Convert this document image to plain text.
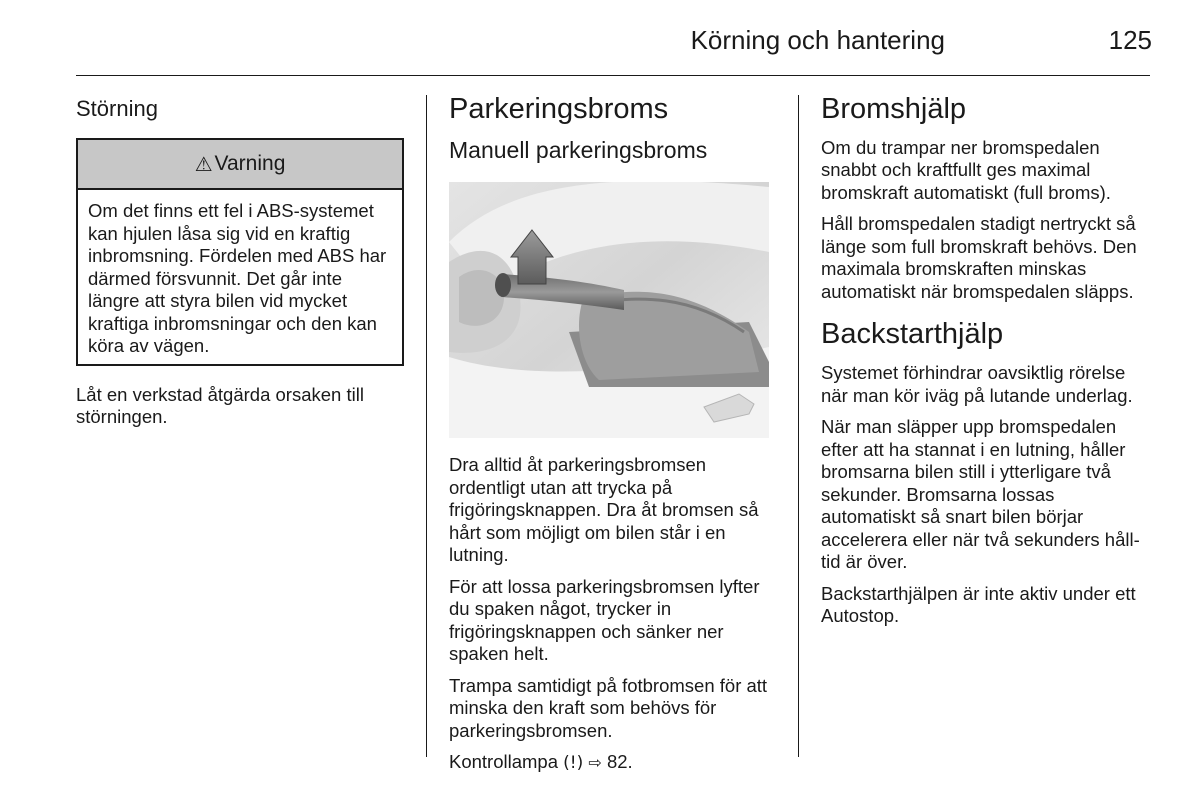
Körning och hantering	125
Störning
⚠ Varning

Om det finns ett fel i ABS-systemet kan hjulen låsa sig vid en kraftig inbromsning. Fördelen med ABS har därmed försvunnit. Det går inte längre att styra bilen vid mycket kraftiga inbromsningar och den kan köra av vägen.

Låt en verkstad åtgärda orsaken till störningen.

Parkeringsbroms
Manuell parkeringsbroms

Dra alltid åt parkeringsbromsen ordentligt utan att trycka på frigöringsknappen. Dra åt bromsen så hårt som möjligt om bilen står i en lutning.

För att lossa parkeringsbromsen lyfter du spaken något, trycker in frigöringsknappen och sänker ner spaken helt.

Trampa samtidigt på fotbromsen för att minska den kraft som behövs för parkeringsbromsen.

Kontrollampa (!) ⇨ 82.

Bromshjälp

Om du trampar ner bromspedalen snabbt och kraftfullt ges maximal bromskraft automatiskt (full broms).

Håll bromspedalen stadigt nertryckt så länge som full bromskraft behövs. Den maximala bromskraften minskas automatiskt när bromspedalen släpps.

Backstarthjälp

Systemet förhindrar oavsiktlig rörelse när man kör iväg på lutande underlag.

När man släpper upp bromspedalen efter att ha stannat i en lutning, håller bromsarna bilen still i ytterligare två sekunder. Bromsarna lossas automatiskt så snart bilen börjar accelerera eller när två sekunders hålltid är över.

Backstarthjälpen är inte aktiv under ett Autostop.
